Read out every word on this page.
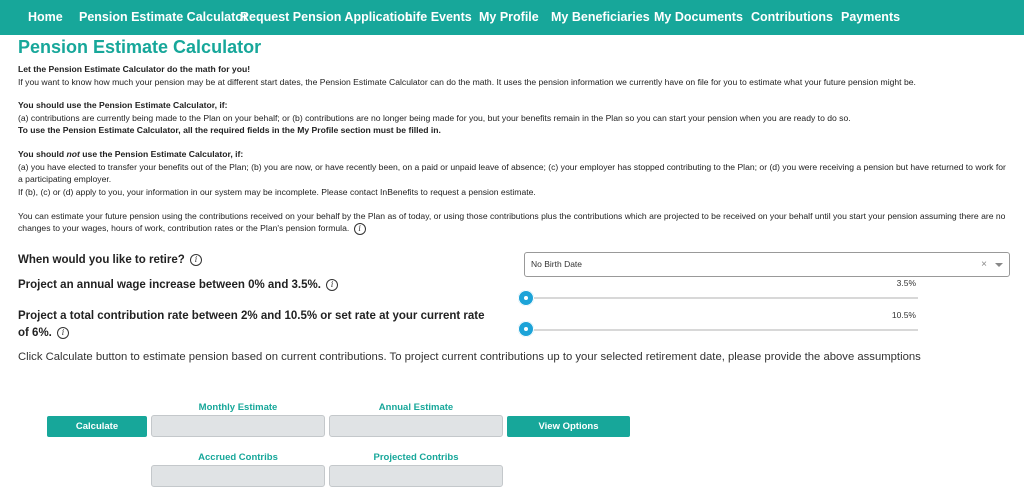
Home Pension Estimate Calculator
Request Pension Application
Life Events My Profile My Beneficiaries My Documents Contributions Payments
Pension Estimate Calculator
Let the Pension Estimate Calculator do the math for you!
If you want to know how much your pension may be at different start dates, the Pension Estimate Calculator can do the math. It uses the pension information we currently have on file for you to estimate what your future pension might be.
You should use the Pension Estimate Calculator, if:
(a) contributions are currently being made to the Plan on your behalf; or (b) contributions are no longer being made for you, but your benefits remain in the Plan so you can start your pension when you are ready to do so.
To use the Pension Estimate Calculator, all the required fields in the My Profile section must be filled in.
You should not use the Pension Estimate Calculator, if:
(a) you have elected to transfer your benefits out of the Plan; (b) you are now, or have recently been, on a paid or unpaid leave of absence; (c) your employer has stopped contributing to the Plan; or (d) you were receiving a pension but have returned to work for a participating employer.
If (b), (c) or (d) apply to you, your information in our system may be incomplete. Please contact InBenefits to request a pension estimate.
You can estimate your future pension using the contributions received on your behalf by the Plan as of today, or using those contributions plus the contributions which are projected to be received on your behalf until you start your pension assuming there are no changes to your wages, hours of work, contribution rates or the Plan's pension formula. i
When would you like to retire? i	No Birth Date	×
Project an annual wage increase between 0% and 3.5%. i	3.5%
Project a total contribution rate between 2% and 10.5% or set rate at your current rate of 6%. i
10.5%
Click Calculate button to estimate pension based on current contributions. To project current contributions up to your selected retirement date, please provide the above assumptions
Monthly Estimate	Annual Estimate
Calculate	View Options
Accrued Contribs	Projected Contribs
